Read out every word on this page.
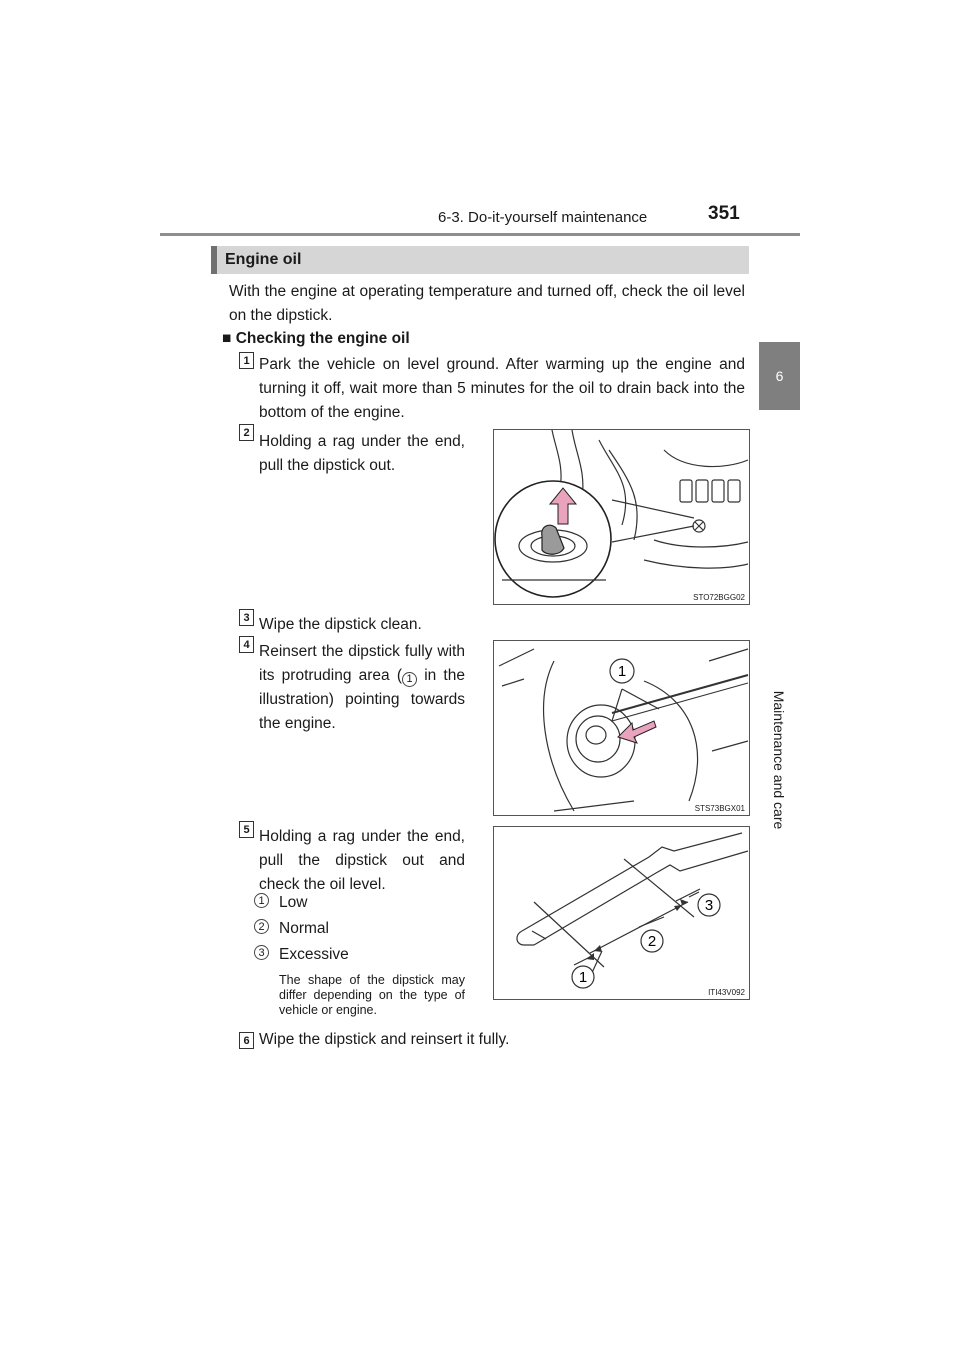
6-3. Do-it-yourself maintenance	351
6
Maintenance and care
Engine oil
With the engine at operating temperature and turned off, check the oil level on the dipstick.
■ Checking the engine oil
1 Park the vehicle on level ground. After warming up the engine and turning it off, wait more than 5 minutes for the oil to drain back into the bottom of the engine.
2
Holding a rag under the end, pull the dipstick out.
STO72BGG02
3 Wipe the dipstick clean.
4 Reinsert the dipstick fully with its protruding area ( 1 in the illustration) pointing towards the engine.
1
STS73BGX01
5 Holding a rag under the end, pull the dipstick out and check the oil level.
1 Low
2 Normal
3 Excessive
The shape of the dipstick may differ depending on the type of vehicle or engine.
1
2
3
ITI43V092
6 Wipe the dipstick and reinsert it fully.
